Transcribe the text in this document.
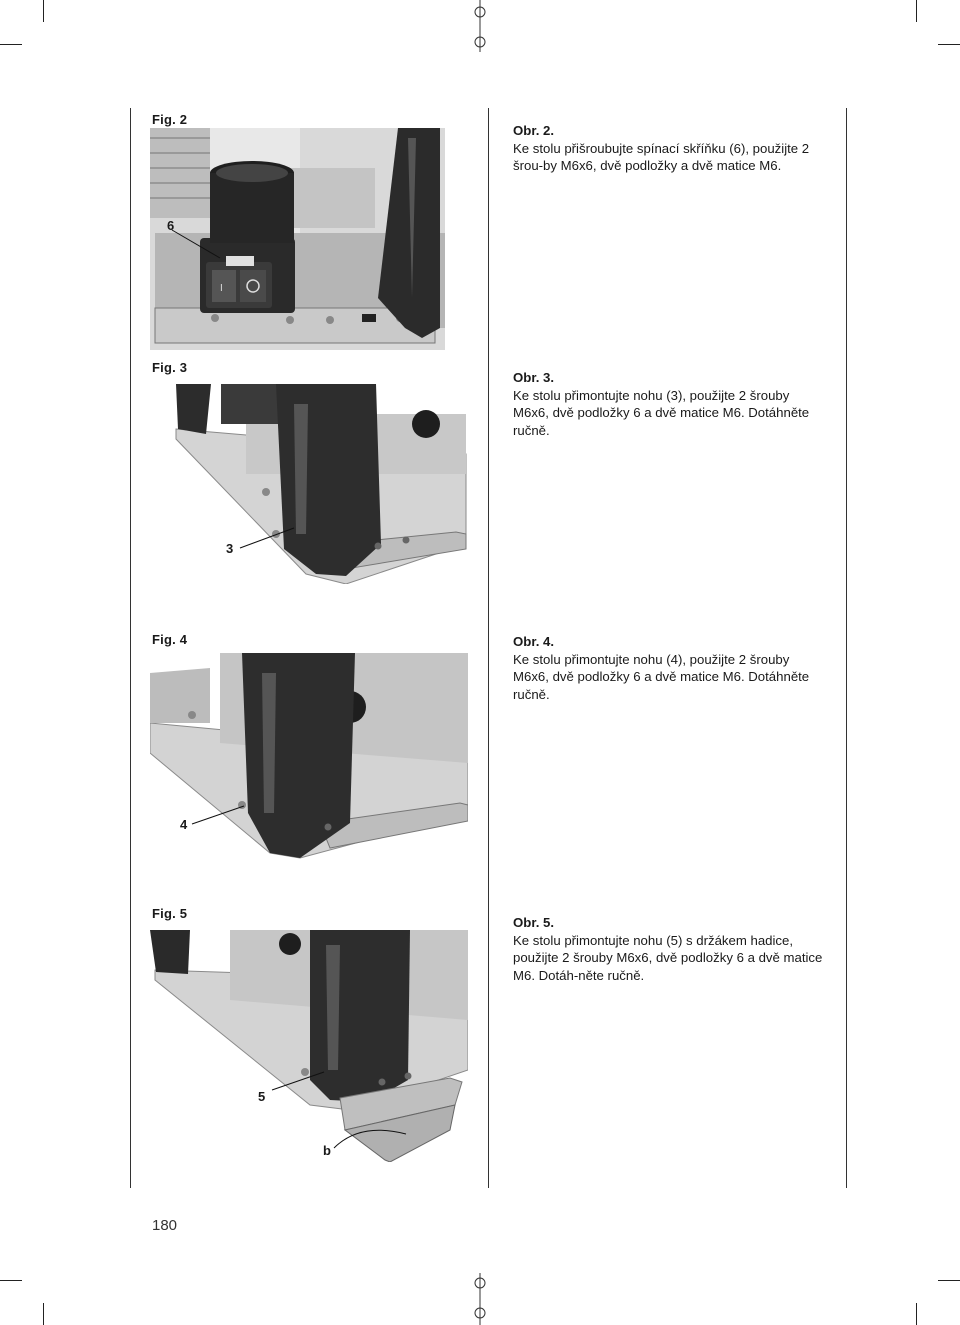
Fig. 2
I
6
Obr. 2.
Ke stolu přišroubujte spínací skříňku (6), použijte 2 šrou-by M6x6, dvě podložky a dvě matice M6.
Fig. 3
3
Obr. 3.
Ke stolu přimontujte nohu (3), použijte 2 šrouby M6x6, dvě podložky 6 a dvě matice M6. Dotáhněte ručně.
Fig. 4
4
Obr. 4.
Ke stolu přimontujte nohu (4), použijte 2 šrouby M6x6, dvě podložky 6 a dvě matice M6. Dotáhněte ručně.
Fig. 5
5
b
Obr. 5.
Ke stolu přimontujte nohu (5) s držákem hadice, použijte 2 šrouby M6x6, dvě podložky 6 a dvě matice M6. Dotáh-něte ručně.
180
